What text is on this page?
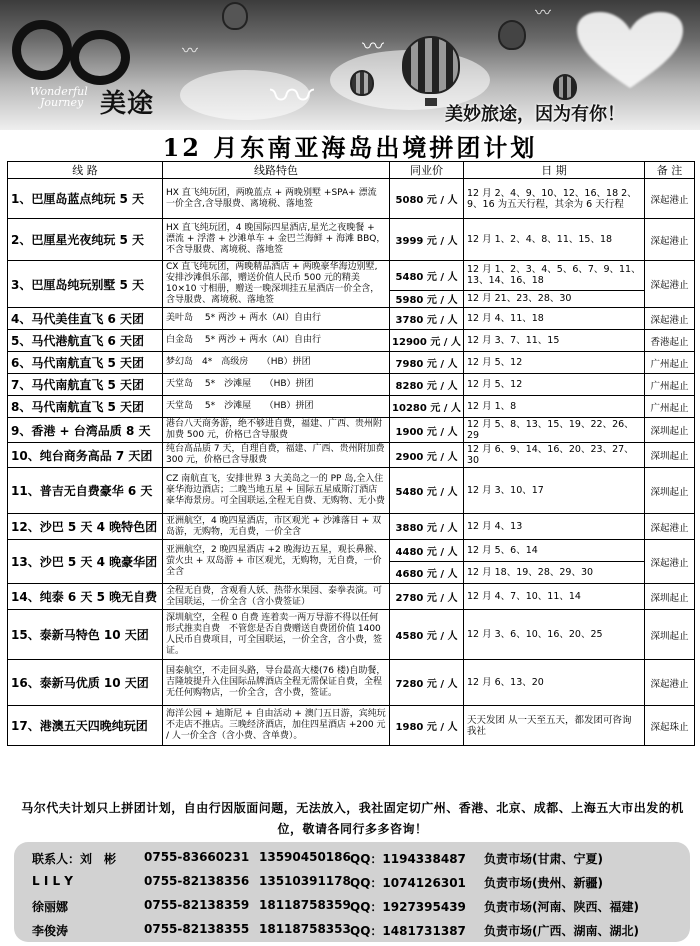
Wonderful
Journey 美途	〰
〰
〰
〰
美妙旅途，因为有你！
12 月东南亚海岛出境拼团计划
线 路	线路特色	同业价	日 期	备 注
1、巴厘岛蓝点纯玩 5 天	HX 直飞纯玩团，两晚蓝点 + 两晚别墅 +SPA+ 漂流　一价全含,含导服费、离境税、落地签	5080 元 / 人	12 月 2、4、9、10、12、16、18 2、9、16 为五天行程，其余为 6 天行程	深起港止
2、巴厘星光夜纯玩 5 天	HX 直飞纯玩团，4 晚国际四星酒店,星光之夜晚餐 + 漂流 + 浮潜 + 沙滩单车 + 金巴兰海鲜 + 海滩 BBQ，不含导服费、离境税、落地签	3999 元 / 人	12 月 1、2、4、8、11、15、18	深起港止
3、巴厘岛纯玩别墅 5 天	CX 直飞纯玩团，两晚精品酒店 + 两晚豪华海边别墅,安排沙滩俱乐部，赠送价值人民币 500 元的精美 10×10 寸相册，赠送一晚深圳挂五星酒店一价全含，含导服费、离境税、落地签	5480 元 / 人	12 月 1、2、3、4、5、6、7、9、11、13、14、16、18	深起港止
		5980 元 / 人	12 月 21、23、28、30	
4、马代美佳直飞 6 天团	美叶岛　 5* 两沙 + 两水（AI）自由行	3780 元 / 人	12 月 4、11、18	深起港止
5、马代港航直飞 6 天团	白金岛　 5* 两沙 + 两水（AI）自由行	12900 元 / 人	12 月 3、7、11、15	香港起止
6、马代南航直飞 5 天团	梦幻岛　4*　高级房　　（HB）拼团	7980 元 / 人	12 月 5、12	广州起止
7、马代南航直飞 5 天团	天堂岛　 5*　沙滩屋　　（HB）拼团	8280 元 / 人	12 月 5、12	广州起止
8、马代南航直飞 5 天团	天堂岛　 5*　沙滩屋　　（HB）拼团	10280 元 / 人	12 月 1、8	广州起止
9、香港 + 台湾品质 8 天	港台八天商务游，绝不够进自费，福建、广西、贵州附加费 500 元，价格已含导服费	1900 元 / 人	12 月 5、8、13、15、19、22、26、29	深圳起止
10、纯台商务高品 7 天团	纯台高品质 7 天，自理自费，福建、广西、贵州附加费 300 元，价格已含导服费	2900 元 / 人	12 月 6、9、14、16、20、23、27、30	深圳起止
11、普吉无自费豪华 6 天	CZ 南航直飞，安排世界 3 大美岛之一的 PP 岛,全入住豪华海边酒店；二晚当地五星 + 国际五星威斯汀酒店豪华海景房。可全国联运,全程无自费、无购物、无小费	5480 元 / 人	12 月 3、10、17	深圳起止
12、沙巴 5 天 4 晚特色团	亚洲航空，4 晚四星酒店，市区观光 + 沙滩落日 + 双岛游，无购物，无自费，一价全含	3880 元 / 人	12 月 4、13	深起港止
13、沙巴 5 天 4 晚豪华团	亚洲航空，2 晚四星酒店 +2 晚海边五星，观长鼻猴、萤火虫 + 双岛游 + 市区观光，无购物，无自费，一价全含	4480 元 / 人	12 月 5、6、14	深起港止
		4680 元 / 人	12 月 18、19、28、29、30	
14、纯泰 6 天 5 晚无自费	全程无自费，含观看人妖、热带水果园、泰拳表演。可全国联运，一价全含（含小费签证）	2780 元 / 人	12 月 4、7、10、11、14	深圳起止
15、泰新马特色 10 天团	深圳航空，全程 0 自费 连着卖一两万导游不得以任何形式推卖自费　不管您是否自费赠送自费团价值 1400 人民币自费项目，可全国联运，一价全含，含小费，签证。	4580 元 / 人	12 月 3、6、10、16、20、25	深圳起止
16、泰新马优质 10 天团	国泰航空，不走回头路，导台最高大楼(76 楼)自助餐，吉隆坡提升入住国际品牌酒店全程无需保证自费，全程无任何购物店，一价全含，含小费，签证。	7280 元 / 人	12 月 6、13、20	深起港止
17、港澳五天四晚纯玩团	海洋公园 + 迪斯尼 + 自由活动 + 澳门五日游，宾纯玩不走店不推店。三晚经济酒店，加住四星酒店 +200 元 / 人一价全含（含小费、含单费）。	1980 元 / 人	天天发团 从一天至五天，都发团可咨询我社	深起珠止
马尔代夫计划只上拼团计划，自由行因版面问题，无法放入，我社固定切广州、香港、北京、成都、上海五大市出发的机位，敬请各同行多多咨询！
联系人：刘　彬 0755-83660231 13590450186 QQ：1194338487 负责市场(甘肃、宁夏)
L I L Y	0755-82138356 13510391178 QQ：1074126301 负责市场(贵州、新疆)
徐丽娜	0755-82138359 18118758359 QQ：1927395439 负责市场(河南、陕西、福建)
李俊涛	0755-82138355 18118758353 QQ：1481731387 负责市场(广西、湖南、湖北)
